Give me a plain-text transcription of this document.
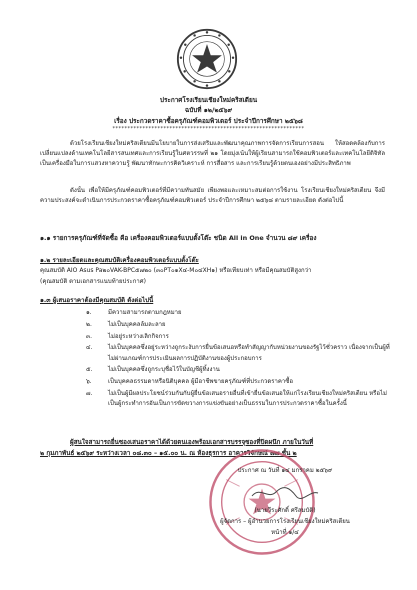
ประกาศโรงเรียนเชียงใหม่คริสเตียน
ฉบับที่ ๑๒/๒๕๖๙
เรื่อง ประกวดราคาซื้อครุภัณฑ์คอมพิวเตอร์ ประจำปีการศึกษา ๒๕๖๘
****************************************************************
ด้วยโรงเรียนเชียงใหม่คริสเตียนมีนโยบายในการส่งเสริมและพัฒนาคุณภาพการจัดการเรียนการสอน ให้สอดคล้องกับการเปลี่ยนแปลงด้านเทคโนโลยีสารสนเทศและการเรียนรู้ในศตวรรษที่ ๒๑ โดยมุ่งเน้นให้ผู้เรียนสามารถใช้คอมพิวเตอร์และเทคโนโลยีดิจิทัลเป็นเครื่องมือในการแสวงหาความรู้ พัฒนาทักษะการคิดวิเคราะห์ การสื่อสาร และการเรียนรู้ด้วยตนเองอย่างมีประสิทธิภาพ
ดังนั้น เพื่อให้มีครุภัณฑ์คอมพิวเตอร์ที่มีความทันสมัย เพียงพอและเหมาะสมต่อการใช้งาน โรงเรียนเชียงใหม่คริสเตียน จึงมีความประสงค์จะดำเนินการประกวดราคาซื้อครุภัณฑ์คอมพิวเตอร์ ประจำปีการศึกษา ๒๕๖๘ ตามรายละเอียด ดังต่อไปนี้
๑.๑ รายการครุภัณฑ์ที่จัดซื้อ คือ เครื่องคอมพิวเตอร์แบบตั้งโต๊ะ ชนิด All in One จำนวน ๘๙ เครื่อง
๑.๒ รายละเอียดและคุณสมบัติเครื่องคอมพิวเตอร์แบบตั้งโต๊ะ
คุณสมบัติ AIO Asus Pa๒๐VAK-BPC๕๗๒๐ (๓๐PT๐๑X๔-M๐๔XH๑) หรือเทียบเท่า หรือมีคุณสมบัติสูงกว่า
(คุณสมบัติ ตามเอกสารแนบท้ายประกาศ)
๑.๓ ผู้เสนอราคาต้องมีคุณสมบัติ ดังต่อไปนี้
๑.	มีความสามารถตามกฎหมาย
๒.	ไม่เป็นบุคคลล้มละลาย
๓.	ไม่อยู่ระหว่างเลิกกิจการ
๔.	ไม่เป็นบุคคลซึ่งอยู่ระหว่างถูกระงับการยื่นข้อเสนอหรือทำสัญญากับหน่วยงานของรัฐไว้ชั่วคราว เนื่องจากเป็นผู้ที่ไม่ผ่านเกณฑ์การประเมินผลการปฏิบัติงานของผู้ประกอบการ
๕.	ไม่เป็นบุคคลซึ่งถูกระบุชื่อไว้ในบัญชีผู้ทิ้งงาน
๖.	เป็นบุคคลธรรมดาหรือนิติบุคคล ผู้มีอาชีพขายครุภัณฑ์ที่ประกวดราคาซื้อ
๗.	ไม่เป็นผู้มีผลประโยชน์ร่วมกันกับผู้ยื่นข้อเสนอรายอื่นที่เข้ายื่นข้อเสนอให้แก่โรงเรียนเชียงใหม่คริสเตียน หรือไม่เป็นผู้กระทำการอันเป็นการขัดขวางการแข่งขันอย่างเป็นธรรมในการประกวดราคาซื้อในครั้งนี้
ผู้สนใจสามารถยื่นซองเสนอราคาได้ด้วยตนเองพร้อมเอกสารบรรจุซองที่ปิดผนึก ภายในวันที่
๒ กุมภาพันธ์ ๒๕๖๙ ระหว่างเวลา ๐๘.๓๐ – ๑๕.๐๐ น. ณ ห้องธุรการ อาคารวิจักษณ์ ๗๗ ชั้น ๒
ประกาศ ณ วันที่ ๑๔ มกราคม ๒๕๖๙
(นายวีระศักดิ์ ศรีสมบัติ)
ผู้จัดการ – ผู้อำนวยการโรงเรียนเชียงใหม่คริสเตียน
หน้าที่ ๑/๔
